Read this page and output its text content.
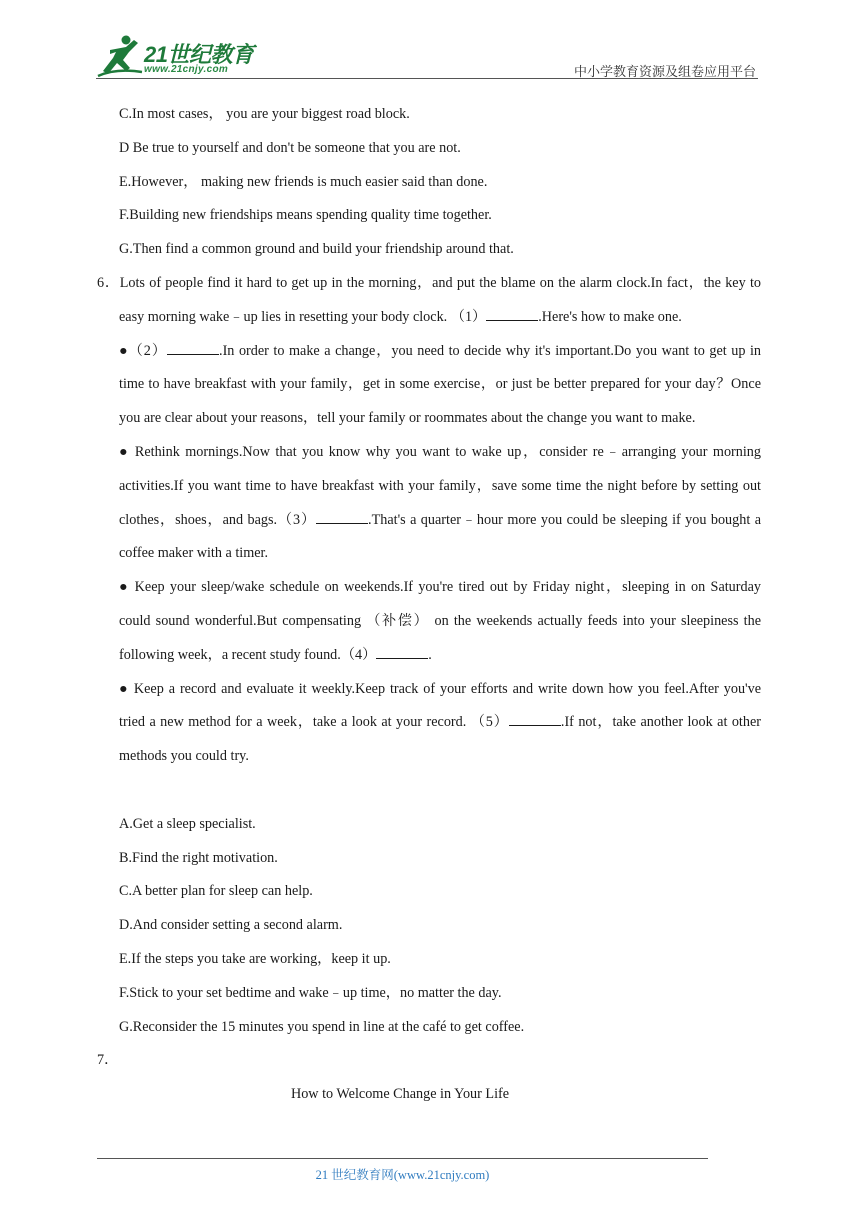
21世纪教育
www.21cnjy.com	中小学教育资源及组卷应用平台

C.In most cases， you are your biggest road block.

D Be true to yourself and don't be someone that you are not.

E.However， making new friends is much easier said than done.

F.Building new friendships means spending quality time together.

G.Then find a common ground and build your friendship around that.

6．Lots of people find it hard to get up in the morning，and put the blame on the alarm clock.In fact，the key to easy morning wake﹣up lies in resetting your body clock. （1）	.Here's how to make one.

●（2）	.In order to make a change，you need to decide why it's important.Do you want to get up in time to have breakfast with your family，get in some exercise，or just be better prepared for your day？Once you are clear about your reasons，tell your family or roommates about the change you want to make.

● Rethink mornings.Now that you know why you want to wake up，consider re﹣arranging your morning activities.If you want time to have breakfast with your family，save some time the night before by setting out clothes，shoes，and bags.（3）	.That's a quarter﹣hour more you could be sleeping if you bought a coffee maker with a timer.

● Keep your sleep/wake schedule on weekends.If you're tired out by Friday night，sleeping in on Saturday could sound wonderful.But compensating （补偿） on the weekends actually feeds into your sleepiness the following week，a recent study found.（4）	.

● Keep a record and evaluate it weekly.Keep track of your efforts and write down how you feel.After you've tried a new method for a week，take a look at your record. （5）	.If not，take another look at other methods you could try.

A.Get a sleep specialist.

B.Find the right motivation.

C.A better plan for sleep can help.

D.And consider setting a second alarm.

E.If the steps you take are working，keep it up.

F.Stick to your set bedtime and wake﹣up time，no matter the day.

G.Reconsider the 15 minutes you spend in line at the café to get coffee.

7．

How to Welcome Change in Your Life

21 世纪教育网(www.21cnjy.com)
